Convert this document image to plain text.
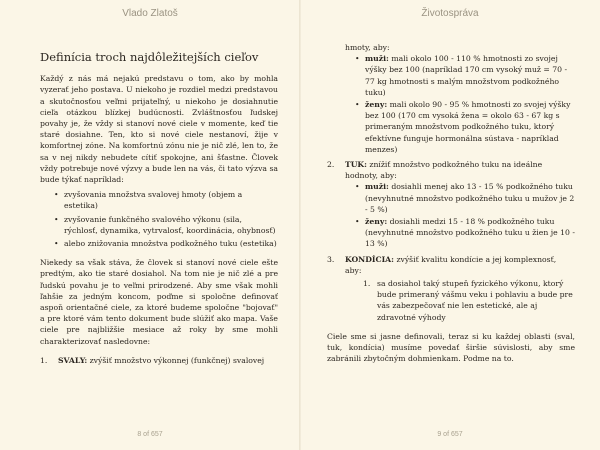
Vlado Zlatoš
Definícia troch najdôležitejších cieľov

Každý z nás má nejakú predstavu o tom, ako by mohla vyzerať jeho postava. U niekoho je rozdiel medzi predstavou a skutočnosťou veľmi prijateľný, u niekoho je dosiahnutie cieľa otázkou blízkej budúcnosti. Zvláštnosťou ľudskej povahy je, že vždy si stanoví nové ciele v momente, keď tie staré dosiahne. Ten, kto si nové ciele nestanoví, žije v komfortnej zóne. Na komfortnú zónu nie je nič zlé, len to, že sa v nej nikdy nebudete cítiť spokojne, ani šťastne. Človek vždy potrebuje nové výzvy a bude len na vás, či tato výzva sa bude týkať napríklad:

• zvyšovania množstva svalovej hmoty (objem a estetika)
• zvyšovanie funkčného svalového výkonu (sila, rýchlosť, dynamika, vytrvalosť, koordinácia, ohybnosť)
• alebo znižovania množstva podkožného tuku (estetika)

Niekedy sa však stáva, že človek si stanoví nové ciele ešte predtým, ako tie staré dosiahol. Na tom nie je nič zlé a pre ľudskú povahu je to veľmi prirodzené. Aby sme však mohli ľahšie za jedným koncom, poďme si spoločne definovať aspoň orientačné ciele, za ktoré budeme spoločne "bojovať" a pre ktoré vám tento dokument bude slúžiť ako mapa. Vaše ciele pre najbližšie mesiace až roky by sme mohli charakterizovať nasledovne:

1. SVALY: zvýšiť množstvo výkonnej (funkčnej) svalovej
8 of 657
Životospráva
9 of 657

hmoty, aby:

• muži: mali okolo 100 - 110 % hmotnosti zo svojej výšky bez 100 (napríklad 170 cm vysoký muž = 70 - 77 kg hmotnosti s malým množstvom podkožného tuku)
• ženy: mali okolo 90 - 95 % hmotnosti zo svojej výšky bez 100 (170 cm vysoká žena = okolo 63 - 67 kg s primeraným množstvom podkožného tuku, ktorý efektívne funguje hormonálna sústava - napríklad menzes)
2. TUK: znížiť množstvo podkožného tuku na ideálne hodnoty, aby:
• muži: dosiahli menej ako 13 - 15 % podkožného tuku (nevyhnutné množstvo podkožného tuku u mužov je 2 - 5 %)
• ženy: dosiahli medzi 15 - 18 % podkožného tuku (nevyhnutné množstvo podkožného tuku u žien je 10 - 13 %)
3. KONDÍCIA: zvýšiť kvalitu kondície a jej komplexnosť, aby:
1. sa dosiahol taký stupeň fyzického výkonu, ktorý bude primeraný vášmu veku i pohlaviu a bude pre vás zabezpečovať nie len estetické, ale aj zdravotné výhody

Ciele sme si jasne definovali, teraz si ku každej oblasti (sval, tuk, kondícia) musíme povedať širšie súvislosti, aby sme zabránili zbytočným dohmienkam. Podme na to.
